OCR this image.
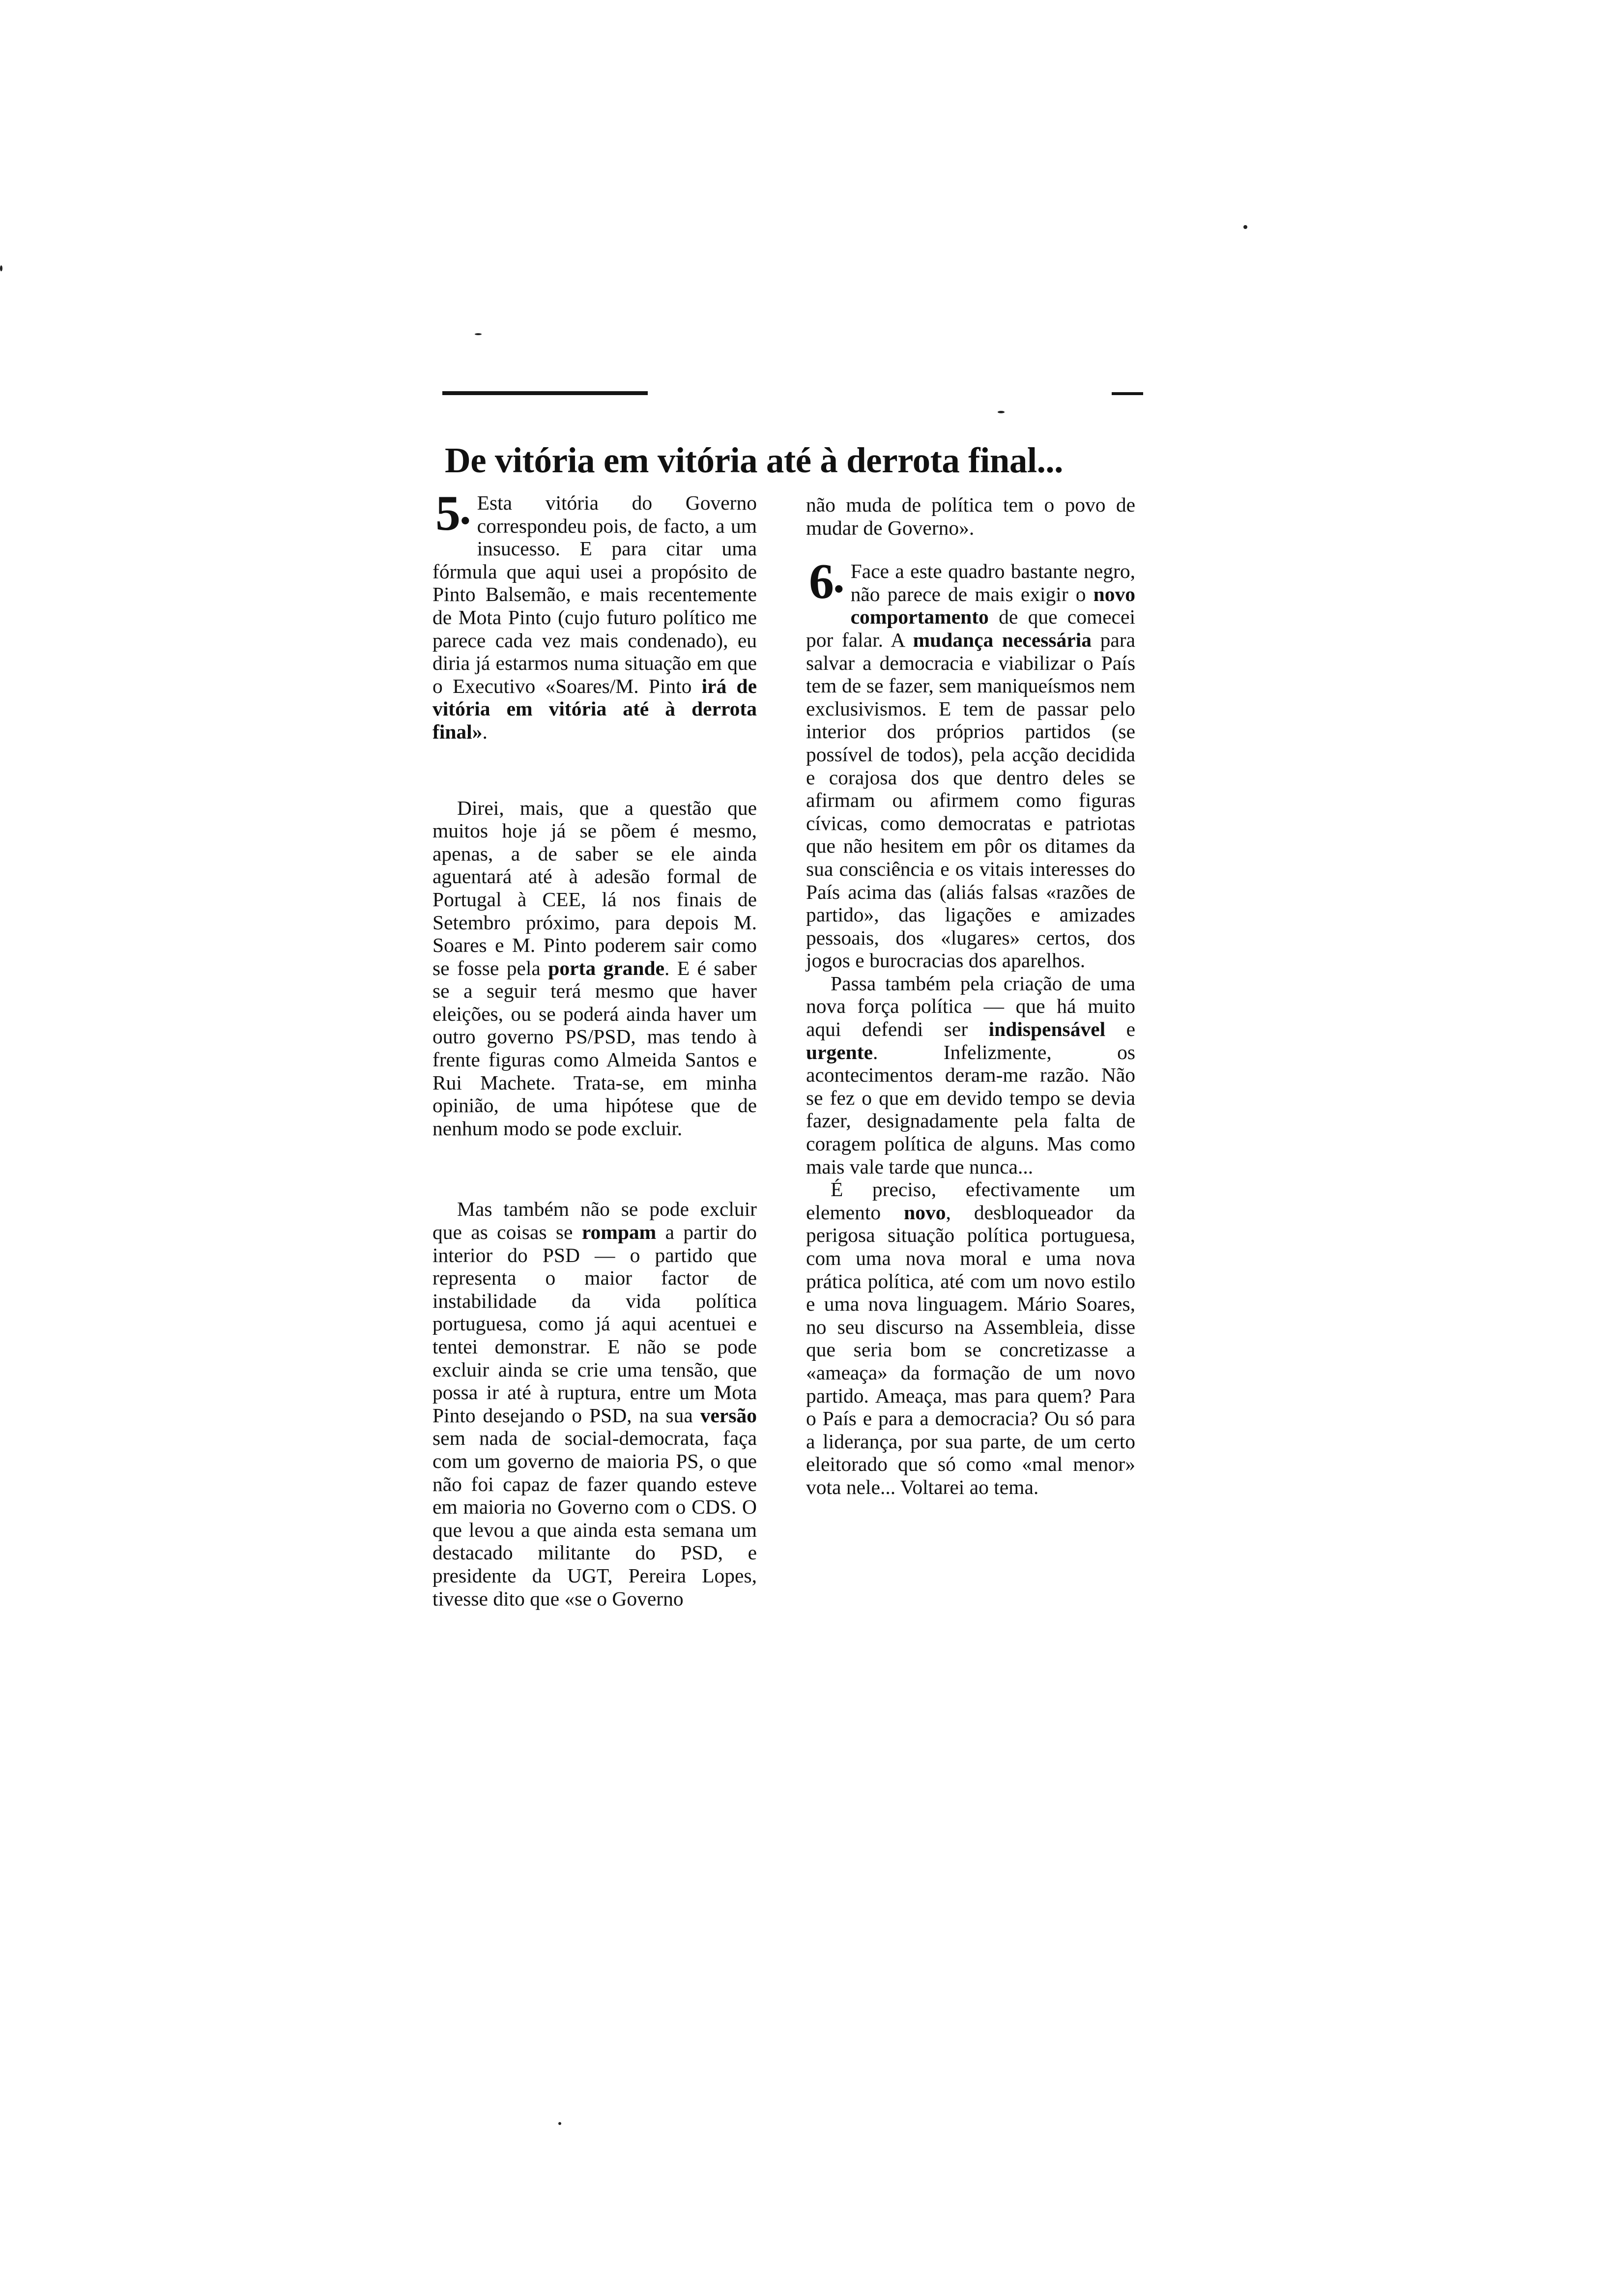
De vitória em vitória até à derrota final...

5•
Esta vitória do Governo correspondeu pois, de facto, a um insucesso. E para citar uma fórmula que aqui usei a propósito de Pinto Balsemão, e mais recentemente de Mota Pinto (cujo futuro político me parece cada vez mais condenado), eu diria já estarmos numa situação em que o Executivo «Soares/M. Pinto irá de vitória em vitória até à derrota final».

Direi, mais, que a questão que muitos hoje já se põem é mesmo, apenas, a de saber se ele ainda aguentará até à adesão formal de Portugal à CEE, lá nos finais de Setembro próximo, para depois M. Soares e M. Pinto poderem sair como se fosse pela porta grande. E é saber se a seguir terá mesmo que haver eleições, ou se poderá ainda haver um outro governo PS/PSD, mas tendo à frente figuras como Almeida Santos e Rui Machete. Trata-se, em minha opinião, de uma hipótese que de nenhum modo se pode excluir.

Mas também não se pode excluir que as coisas se rompam a partir do interior do PSD — o partido que representa o maior factor de instabilidade da vida política portuguesa, como já aqui acentuei e tentei demonstrar. E não se pode excluir ainda se crie uma tensão, que possa ir até à ruptura, entre um Mota Pinto desejando o PSD, na sua versão sem nada de social-democrata, faça com um governo de maioria PS, o que não foi capaz de fazer quando esteve em maioria no Governo com o CDS. O que levou a que ainda esta semana um destacado militante do PSD, e presidente da UGT, Pereira Lopes, tivesse dito que «se o Governo

não muda de política tem o povo de mudar de Governo».

6•
Face a este quadro bastante negro, não parece de mais exigir o novo comportamento de que comecei por falar. A mudança necessária para salvar a democracia e viabilizar o País tem de se fazer, sem maniqueísmos nem exclusivismos. E tem de passar pelo interior dos próprios partidos (se possível de todos), pela acção decidida e corajosa dos que dentro deles se afirmam ou afirmem como figuras cívicas, como democratas e patriotas que não hesitem em pôr os ditames da sua consciência e os vitais interesses do País acima das (aliás falsas «razões de partido», das ligações e amizades pessoais, dos «lugares» certos, dos jogos e burocracias dos aparelhos.

Passa também pela criação de uma nova força política — que há muito aqui defendi ser indispensável e urgente. Infelizmente, os acontecimentos deram-me razão. Não se fez o que em devido tempo se devia fazer, designadamente pela falta de coragem política de alguns. Mas como mais vale tarde que nunca...

É preciso, efectivamente um elemento novo, desbloqueador da perigosa situação política portuguesa, com uma nova moral e uma nova prática política, até com um novo estilo e uma nova linguagem. Mário Soares, no seu discurso na Assembleia, disse que seria bom se concretizasse a «ameaça» da formação de um novo partido. Ameaça, mas para quem? Para o País e para a democracia? Ou só para a liderança, por sua parte, de um certo eleitorado que só como «mal menor» vota nele... Voltarei ao tema.
